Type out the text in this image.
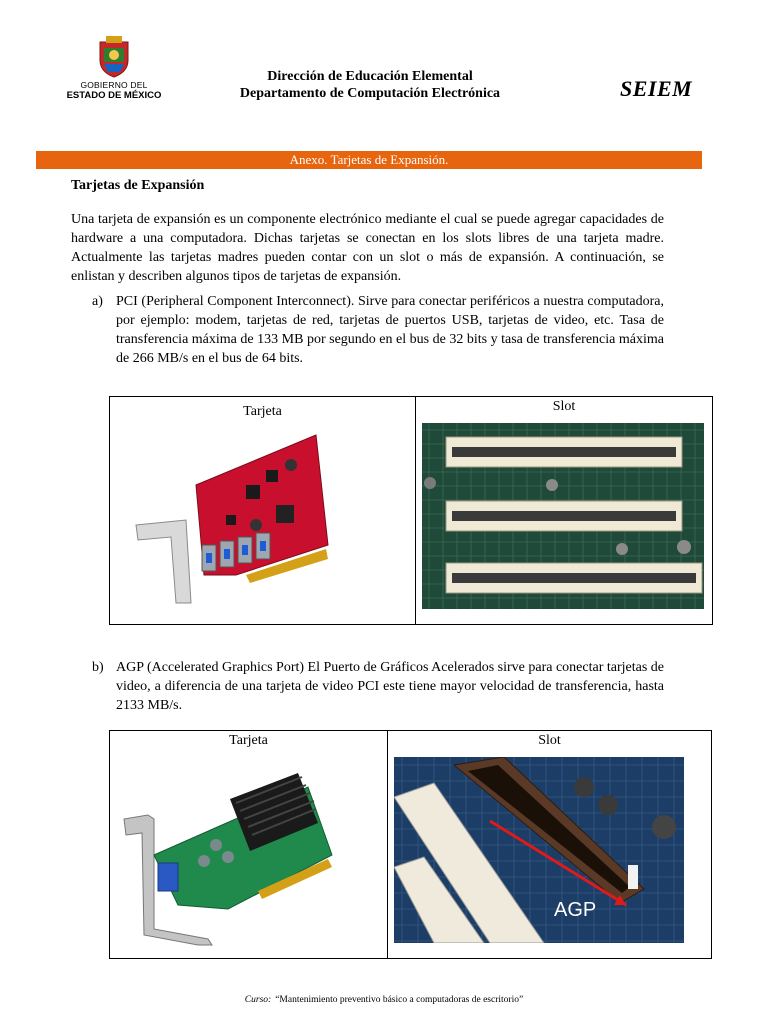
GOBIERNO DEL
ESTADO DE MÉXICO
Dirección de Educación Elemental
Departamento de Computación Electrónica	SEIEM
Anexo. Tarjetas de Expansión.
Tarjetas de Expansión
Una tarjeta de expansión es un componente electrónico mediante el cual se puede agregar capacidades de hardware a una computadora. Dichas tarjetas se conectan en los slots libres de una tarjeta madre. Actualmente las tarjetas madres pueden contar con un slot o más de expansión. A continuación, se enlistan y describen algunos tipos de tarjetas de expansión.
a) PCI (Peripheral Component Interconnect). Sirve para conectar periféricos a nuestra computadora, por ejemplo: modem, tarjetas de red, tarjetas de puertos USB, tarjetas de video, etc. Tasa de transferencia máxima de 133 MB por segundo en el bus de 32 bits y tasa de transferencia máxima de 266 MB/s en el bus de 64 bits.
Tarjeta	Slot
b) AGP (Accelerated Graphics Port) El Puerto de Gráficos Acelerados sirve para conectar tarjetas de video, a diferencia de una tarjeta de video PCI este tiene mayor velocidad de transferencia, hasta 2133 MB/s.
Tarjeta	Slot
AGP
Curso: “Mantenimiento preventivo básico a computadoras de escritorio”
